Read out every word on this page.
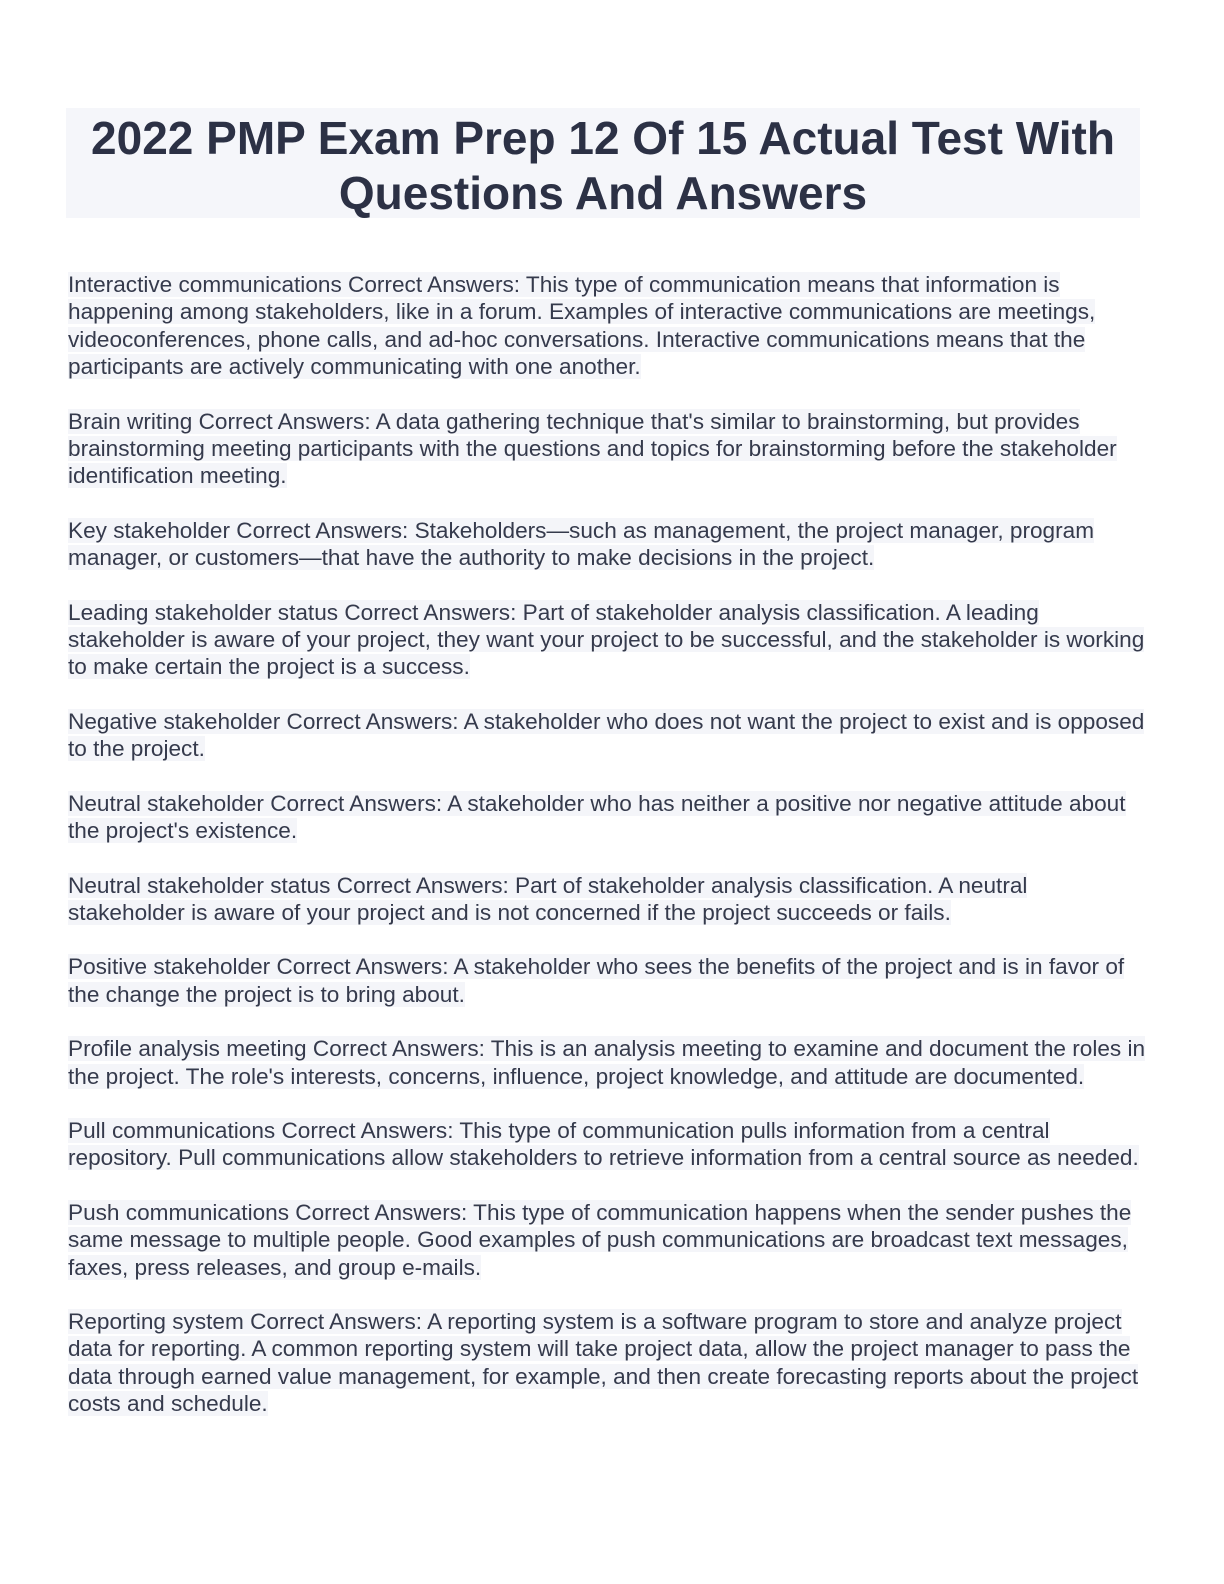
2022 PMP Exam Prep 12 Of 15 Actual Test With Questions And Answers

Interactive communications Correct Answers: This type of communication means that information is happening among stakeholders, like in a forum. Examples of interactive communications are meetings, videoconferences, phone calls, and ad-hoc conversations. Interactive communications means that the participants are actively communicating with one another.

Brain writing Correct Answers: A data gathering technique that's similar to brainstorming, but provides brainstorming meeting participants with the questions and topics for brainstorming before the stakeholder identification meeting.

Key stakeholder Correct Answers: Stakeholders—such as management, the project manager, program manager, or customers—that have the authority to make decisions in the project.

Leading stakeholder status Correct Answers: Part of stakeholder analysis classification. A leading stakeholder is aware of your project, they want your project to be successful, and the stakeholder is working to make certain the project is a success.

Negative stakeholder Correct Answers: A stakeholder who does not want the project to exist and is opposed to the project.

Neutral stakeholder Correct Answers: A stakeholder who has neither a positive nor negative attitude about the project's existence.

Neutral stakeholder status Correct Answers: Part of stakeholder analysis classification. A neutral stakeholder is aware of your project and is not concerned if the project succeeds or fails.

Positive stakeholder Correct Answers: A stakeholder who sees the benefits of the project and is in favor of the change the project is to bring about.

Profile analysis meeting Correct Answers: This is an analysis meeting to examine and document the roles in the project. The role's interests, concerns, influence, project knowledge, and attitude are documented.

Pull communications Correct Answers: This type of communication pulls information from a central repository. Pull communications allow stakeholders to retrieve information from a central source as needed.

Push communications Correct Answers: This type of communication happens when the sender pushes the same message to multiple people. Good examples of push communications are broadcast text messages, faxes, press releases, and group e-mails.

Reporting system Correct Answers: A reporting system is a software program to store and analyze project data for reporting. A common reporting system will take project data, allow the project manager to pass the data through earned value management, for example, and then create forecasting reports about the project costs and schedule.
